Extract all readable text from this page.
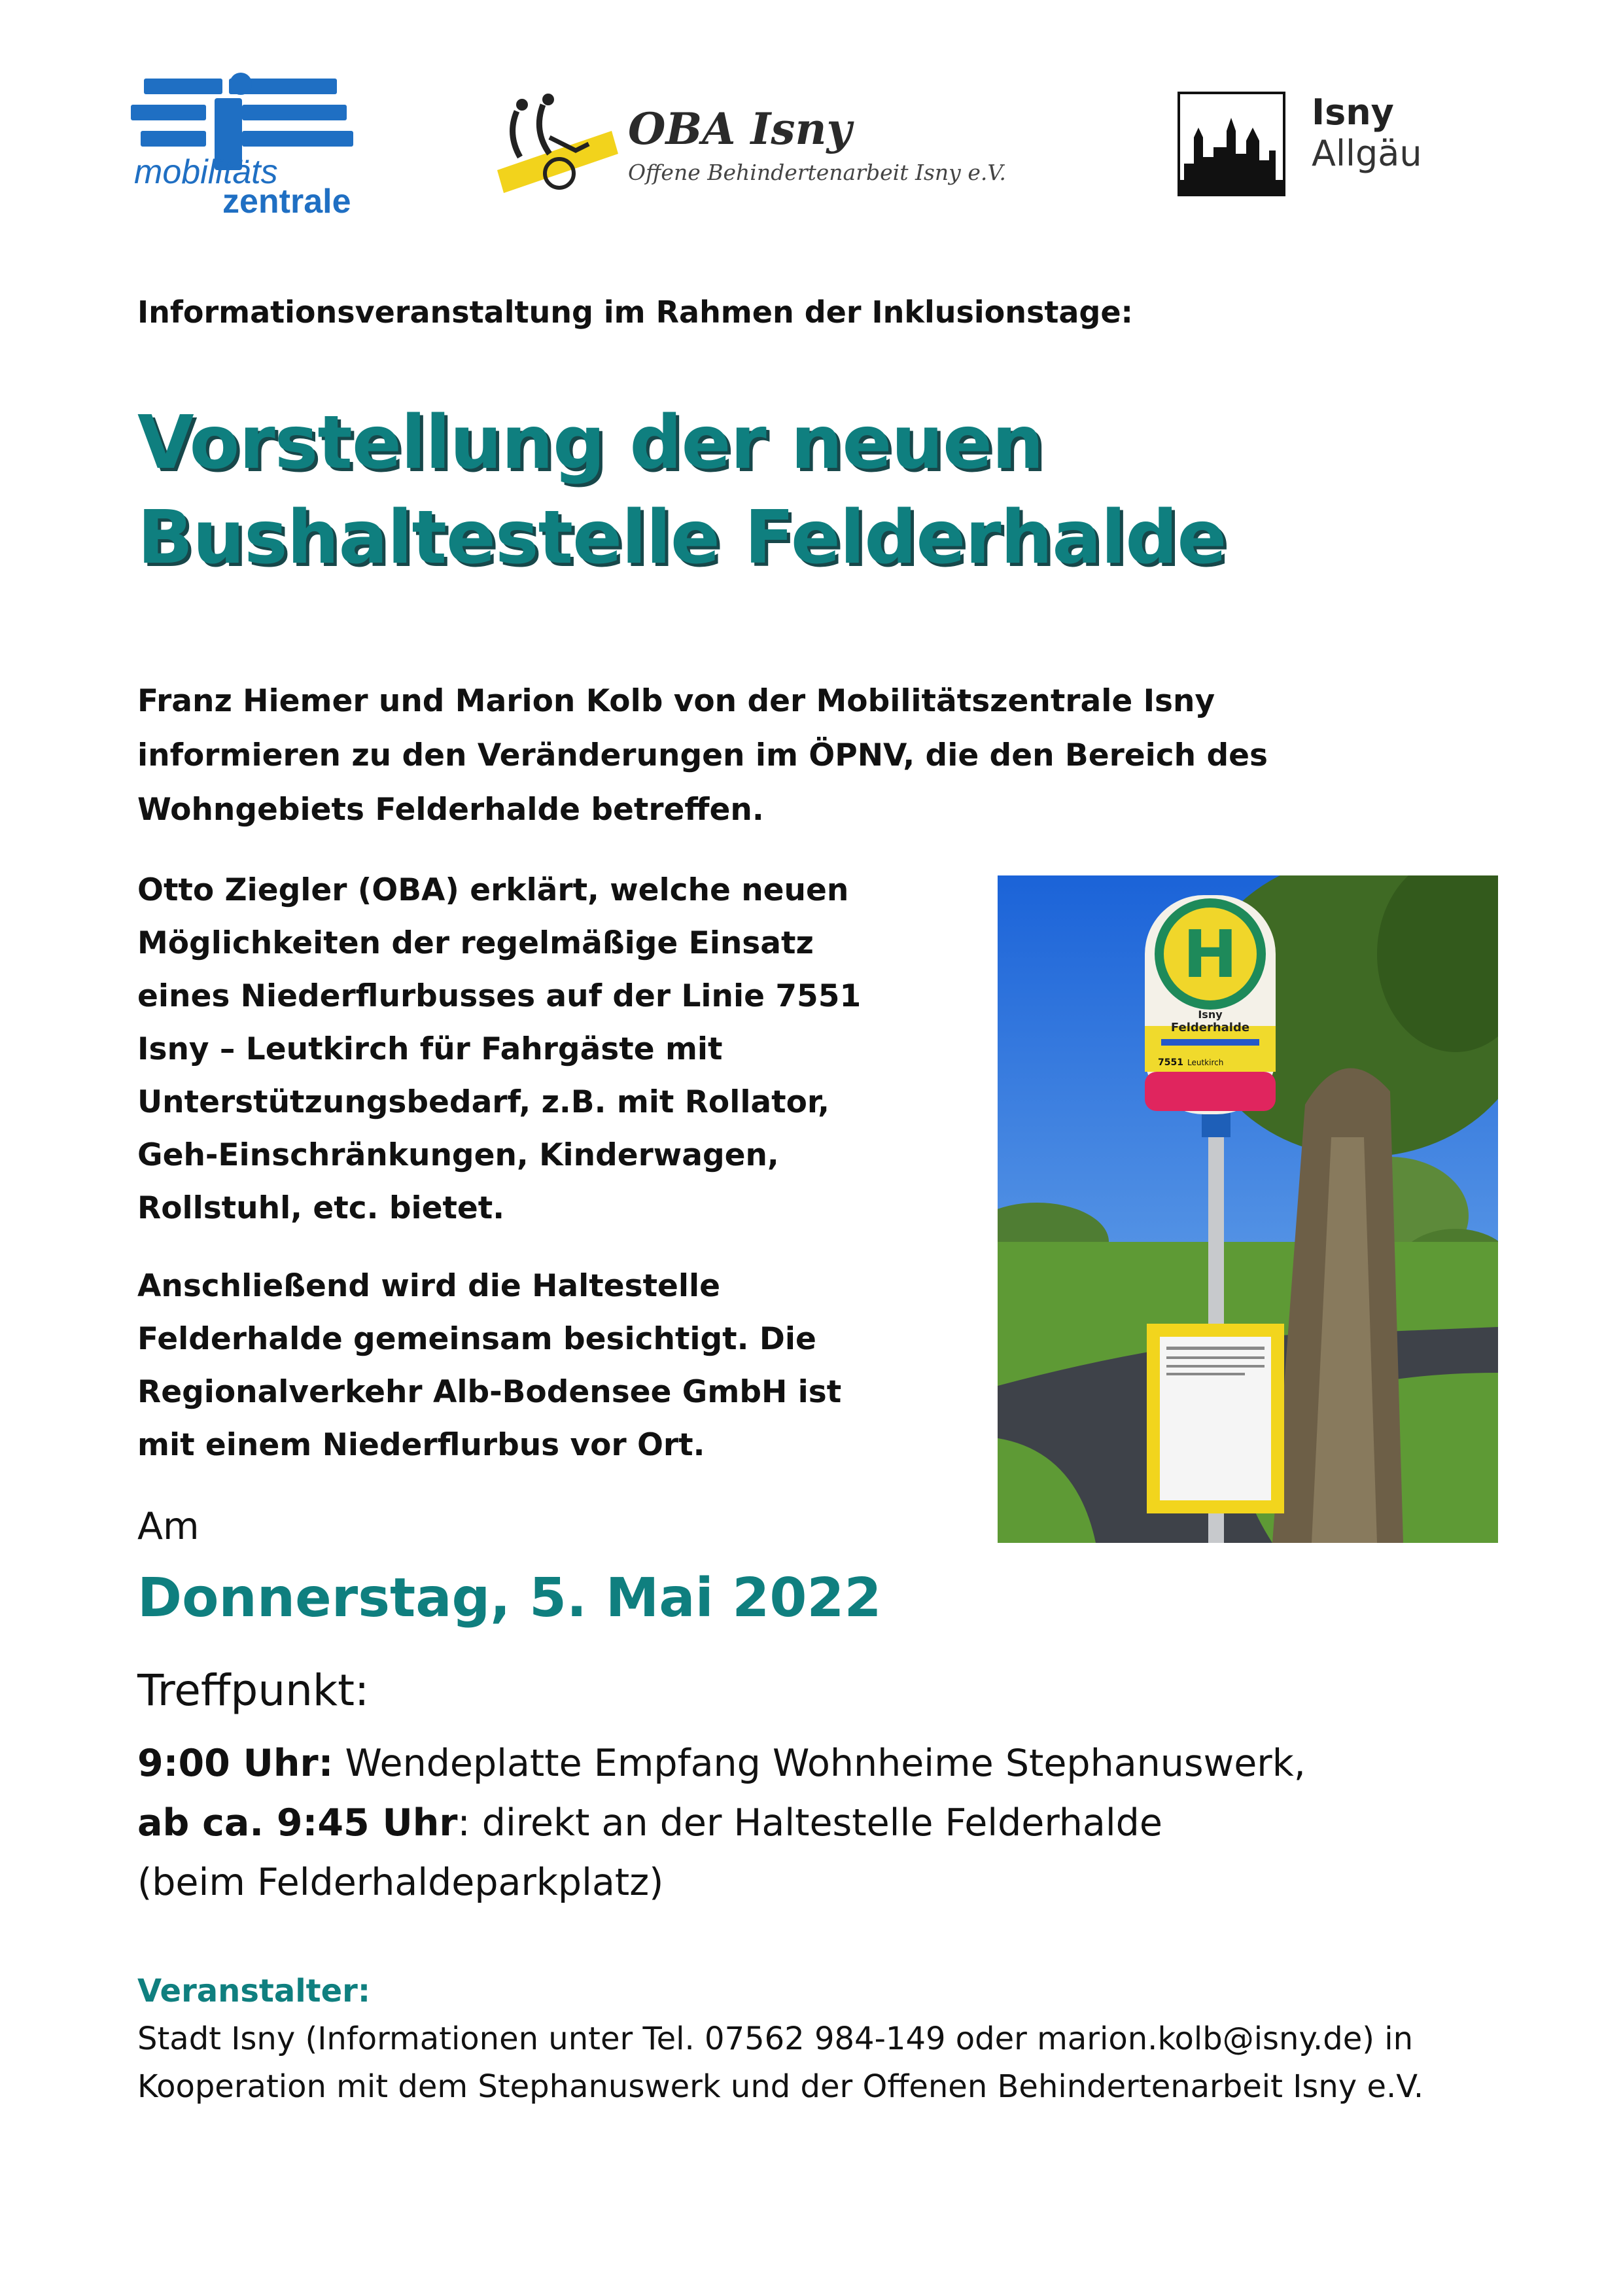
mobilitäts
zentrale
OBA Isny
Offene Behindertenarbeit Isny e.V.
Isny Allgäu
Informationsveranstaltung im Rahmen der Inklusionstage:
Vorstellung der neuen
Bushaltestelle Felderhalde
Franz Hiemer und Marion Kolb von der Mobilitätszentrale Isny
informieren zu den Veränderungen im ÖPNV, die den Bereich des
Wohngebiets Felderhalde betreffen.
Otto Ziegler (OBA) erklärt, welche neuen
Möglichkeiten der regelmäßige Einsatz
eines Niederflurbusses auf der Linie 7551
Isny – Leutkirch für Fahrgäste mit
Unterstützungsbedarf, z.B. mit Rollator,
Geh-Einschränkungen, Kinderwagen,
Rollstuhl, etc. bietet.
Anschließend wird die Haltestelle
Felderhalde gemeinsam besichtigt. Die
Regionalverkehr Alb-Bodensee GmbH ist
mit einem Niederflurbus vor Ort.
H
Isny
Felderhalde
7551 Leutkirch
Am
Donnerstag, 5. Mai 2022
Treffpunkt:
9:00 Uhr: Wendeplatte Empfang Wohnheime Stephanuswerk,
ab ca. 9:45 Uhr: direkt an der Haltestelle Felderhalde
(beim Felderhaldeparkplatz)
Veranstalter:
Stadt Isny (Informationen unter Tel. 07562 984-149 oder marion.kolb@isny.de) in
Kooperation mit dem Stephanuswerk und der Offenen Behindertenarbeit Isny e.V.
